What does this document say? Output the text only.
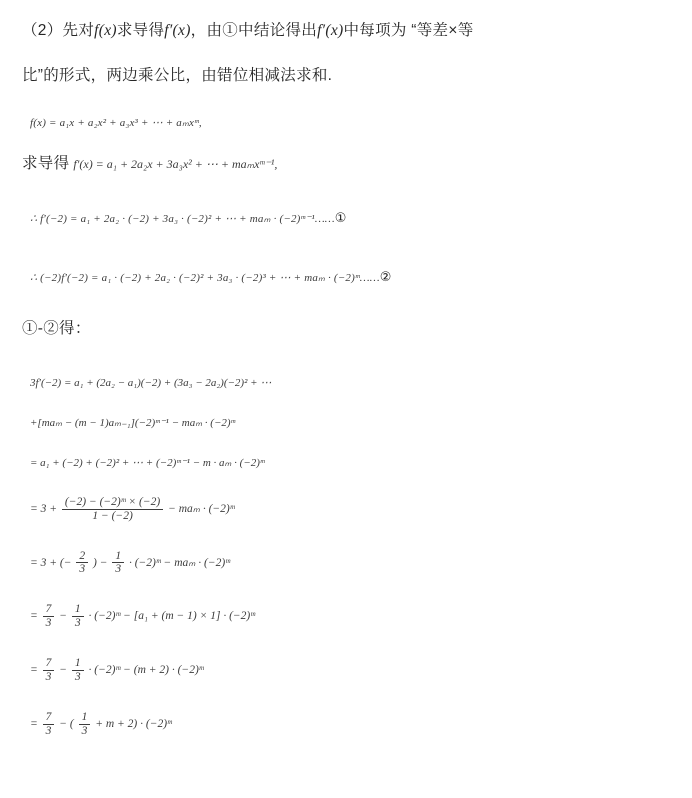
（2）先对f(x)求导得f′(x)，由①中结论得出f′(x)中每项为 “等差×等
比”的形式，两边乘公比，由错位相减法求和.
f(x) = a₁x + a₂x² + a₃x³ + ⋯ + aₘxᵐ,
求导得 f′(x) = a₁ + 2a₂x + 3a₃x² + ⋯ + maₘxᵐ⁻¹,
∴ f′(−2) = a₁ + 2a₂ · (−2) + 3a₃ · (−2)² + ⋯ + maₘ · (−2)ᵐ⁻¹…… ①
∴ (−2)f′(−2) = a₁ · (−2) + 2a₂ · (−2)² + 3a₃ · (−2)³ + ⋯ + maₘ · (−2)ᵐ…… ②
①-②得：
3f′(−2) = a₁ + (2a₂ − a₁)(−2) + (3a₃ − 2a₂)(−2)² + ⋯
+[maₘ − (m − 1)aₘ₋₁](−2)ᵐ⁻¹ − maₘ · (−2)ᵐ
= a₁ + (−2) + (−2)² + ⋯ + (−2)ᵐ⁻¹ − m · aₘ · (−2)ᵐ
= $3 + \frac{\text{(−2) − (−2)ᵐ × (−2)}}{1 - (-2)} - ma_m$ · (−2)ᵐ
= 3 + (− $\frac{2}{3}$ ) − $\frac{1}{3}$ · (−2)ᵐ − maₘ · (−2)ᵐ
= $\frac{7}{3} - \frac{1}{3}$ · (−2)ᵐ − [a₁ + (m − 1) × 1] · (−2)ᵐ
= $\frac{7}{3} - \frac{1}{3}$ · (−2)ᵐ − (m + 2) · (−2)ᵐ
= $\frac{7}{3}$ − ( $\frac{1}{3} + m + 2$) · (−2)ᵐ
